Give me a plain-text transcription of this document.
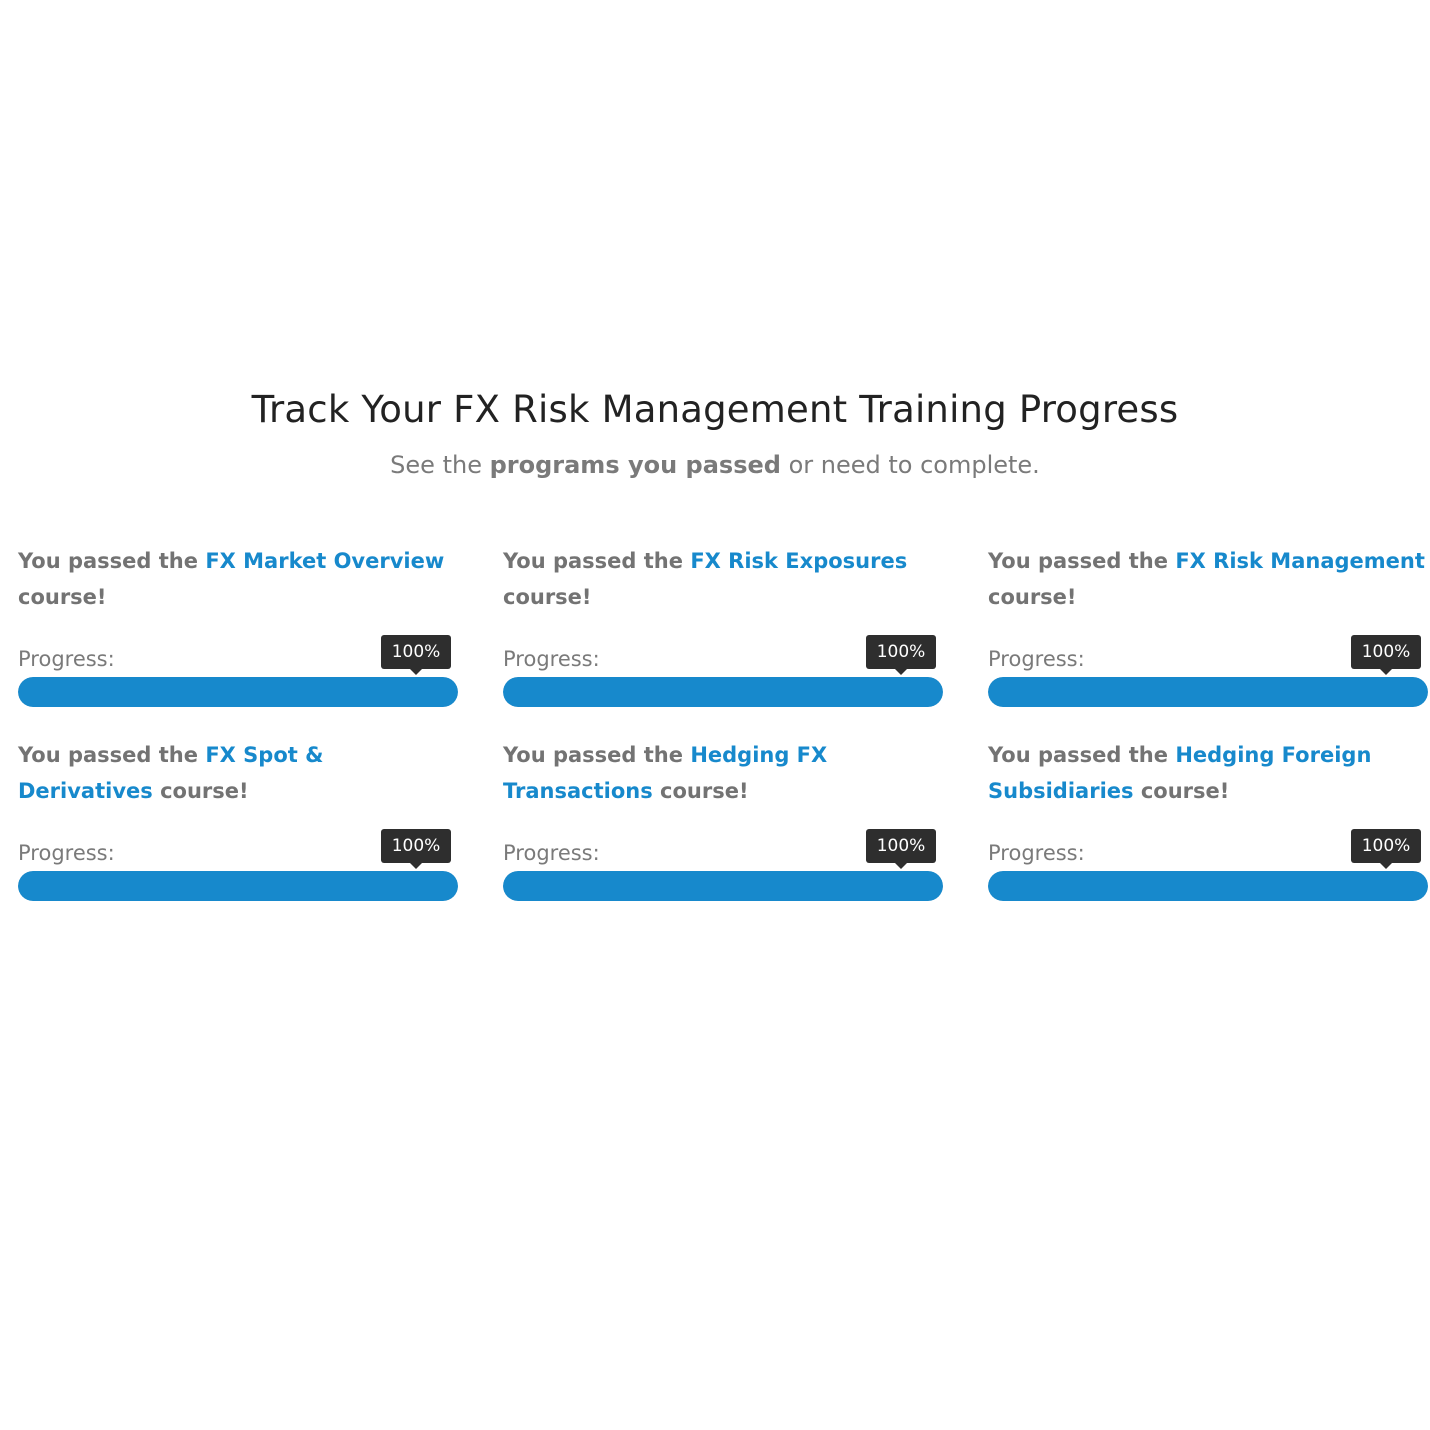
Track Your FX Risk Management Training Progress

See the programs you passed or need to complete.

You passed the FX Market Overview course!

Progress:	100%

You passed the FX Risk Exposures course!

Progress:	100%

You passed the FX Risk Management course!

Progress:	100%

You passed the FX Spot & Derivatives course!

Progress:	100%

You passed the Hedging FX Transactions course!

Progress:	100%

You passed the Hedging Foreign Subsidiaries course!

Progress:	100%
